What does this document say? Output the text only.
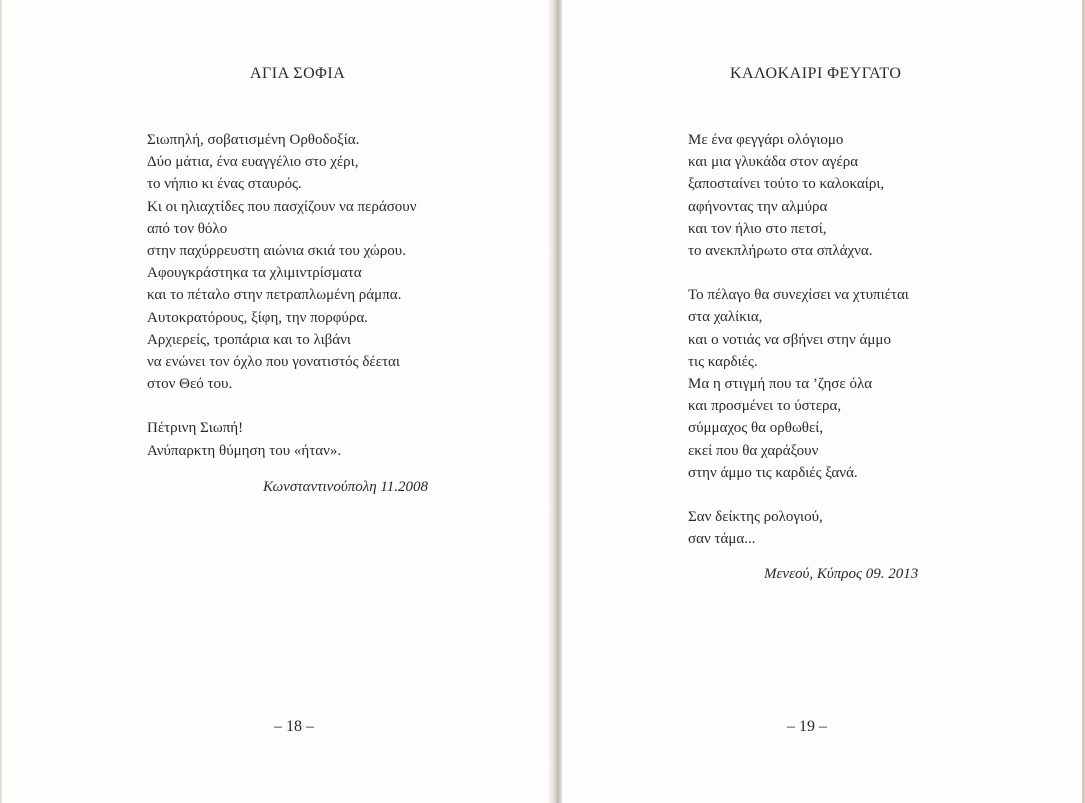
ΑΓΙΑ ΣΟΦΙΑ
Σιωπηλή, σοβατισμένη Ορθοδοξία.
Δύο μάτια, ένα ευαγγέλιο στο χέρι,
το νήπιο κι ένας σταυρός.
Κι οι ηλιαχτίδες που πασχίζουν να περάσουν
από τον θόλο
στην παχύρρευστη αιώνια σκιά του χώρου.
Αφουγκράστηκα τα χλιμιντρίσματα
και το πέταλο στην πετραπλωμένη ράμπα.
Αυτοκρατόρους, ξίφη, την πορφύρα.
Αρχιερείς, τροπάρια και το λιβάνι
να ενώνει τον όχλο που γονατιστός δέεται
στον Θεό του.
Πέτρινη Σιωπή!
Ανύπαρκτη θύμηση του «ήταν».
Κωνσταντινούπολη 11.2008
– 18 –
ΚΑΛΟΚΑΙΡΙ ΦΕΥΓΑΤΟ
Με ένα φεγγάρι ολόγιομο
και μια γλυκάδα στον αγέρα
ξαποσταίνει τούτο το καλοκαίρι,
αφήνοντας την αλμύρα
και τον ήλιο στο πετσί,
το ανεκπλήρωτο στα σπλάχνα.
Το πέλαγο θα συνεχίσει να χτυπιέται
στα χαλίκια,
και ο νοτιάς να σβήνει στην άμμο
τις καρδιές.
Μα η στιγμή που τα ’ζησε όλα
και προσμένει το ύστερα,
σύμμαχος θα ορθωθεί,
εκεί που θα χαράξουν
στην άμμο τις καρδιές ξανά.
Σαν δείκτης ρολογιού,
σαν τάμα...
Μενεού, Κύπρος 09. 2013
– 19 –
